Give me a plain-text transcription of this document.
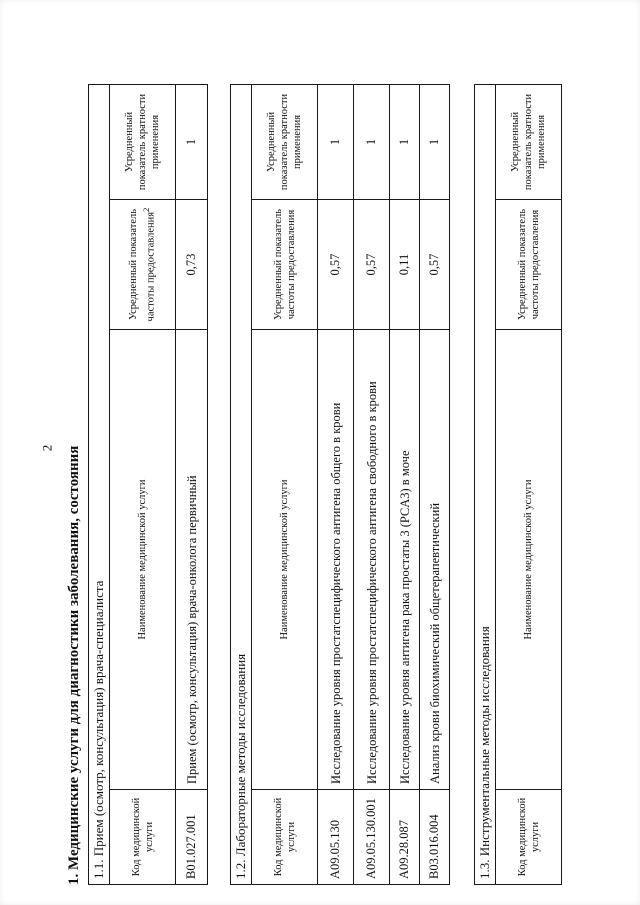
2 1. Медицинские услуги для диагностики заболевания, состояния 1.1. Прием (осмотр, консультация) врача-специалиста			
Код медицинской услуги	Наименование медицинской услуги	Усредненный показатель частоты предоставления$^2$	Усредненный показатель кратности применения
B01.027.001	Прием (осмотр, консультация) врача-онколога первичный	0,73	1
1.2. Лабораторные методы исследования			
Код медицинской услуги	Наименование медицинской услуги	Усредненный показатель частоты предоставления	Усредненный показатель кратности применения
A09.05.130	Исследование уровня простатспецифического антигена общего в крови	0,57	1
A09.05.130.001	Исследование уровня простатспецифического антигена свободного в крови	0,57	1
A09.28.087	Исследование уровня антигена рака простаты 3 (PCA3) в моче	0,11	1
B03.016.004	Анализ крови биохимический общетерапевтический	0,57	1
1.3. Инструментальные методы исследования
Код медицинской услуги	Наименование медицинской услуги	Усредненный показатель частоты предоставления	Усредненный показатель кратности применения
